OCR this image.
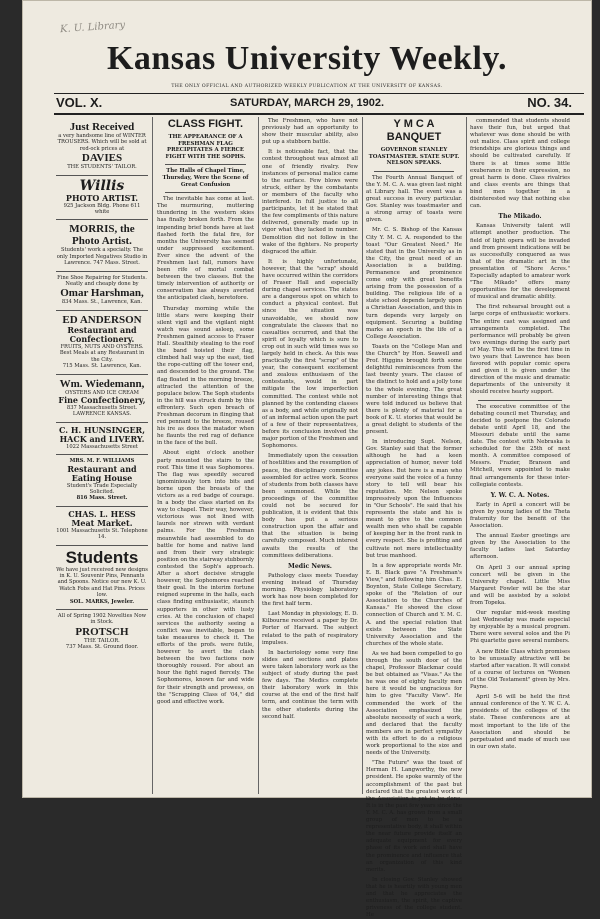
K. U. Library
Kansas University Weekly.
THE ONLY OFFICIAL AND AUTHORIZED WEEKLY PUBLICATION AT THE UNIVERSITY OF KANSAS.
VOL. X.	SATURDAY, MARCH 29, 1902.	NO. 34.
Just Received
a very handsome line of WINTER TROUSERS. Which will be sold at red-ock prices at
DAVIES
THE STUDENTS' TAILOR.
Willis
PHOTO ARTIST.
925 Jackson Bldg. Phone 611 white
MORRIS, the
Photo Artist.
Students' work a specialty. The only Imported Negatives Studio in Lawrence. 747 Mass. Street.
Fine Shoe Repairing for Students. Neatly and cheaply done by
Omar Harshman,
834 Mass. St., Lawrence, Kan.
ED ANDERSON
Restaurant and Confectionery.
FRUITS, NUTS AND OYSTERS. Best Meals at any Restaurant in the City.
715 Mass. St. Lawrence, Kan.
Wm. Wiedemann,
OYSTERS AND ICE CREAM
Fine Confectionery,
837 Massachusetts Street.
LAWRENCE KANSAS.
C. H. HUNSINGER,
HACK and LIVERY.
1022 Massachusetts Street
MRS. M. F. WILLIAMS
Restaurant and Eating House
Student's Trade Especially Solicited.
816 Mass. Street.
CHAS. L. HESS
Meat Market.
1001 Massachusetts St. Telephone 14.
Students
We have just received new designs in K. U. Souvenir Pins, Pennants and Spoons. Notice our new K. U. Watch Fobs and Hat Pins. Prices low.
SOL. MARKS, Jeweler.
All of Spring 1902 Novelties Now in Stock.
PROTSCH
THE TAILOR.
737 Mass. St. Ground floor.
CLASS FIGHT.
THE APPEARANCE OF A FRESHMAN FLAG PRECIPITATES A FIERCE FIGHT WITH THE SOPHS.
The Halls of Chapel Time, Thursday, Were the Scene of Great Confusion

The inevitable has come at last. The murmuring, muttering thundering in the western skies has finally broken forth. From the impending brief bonds have at last flashed forth the fatal fire, for months the University has seemed under suppressed excitement. Ever since the advent of the Freshmen last fall, rumors have been rife of mortal combat between the two classes. But the timely intervention of authority or conservatism has always averted the anticipated clash, heretofore.

Thursday morning while the little stars were keeping their silent vigil and the vigilant night watch was sound asleep, some Freshmen gained access to Fraser Hall. Stealthily stealing to the roof the band hoisted their flag, climbed hall way up the east, tied the rope-cutting off the tower end, and descended to the ground. The flag floated in the morning breeze, attracted the attention of the populace below. The Soph students in the hill was struck dumb by this effrontery. Such open breach of Freshman decorum in flinging that red pennant to the breeze, roused his ire as does the matador when he flaunts the red rag of defiance in the face of the bull.

About eight o'clock another party mounted the stairs to the roof. This time it was Sophomores. The flag was speedily secured ignominiously torn into bits and borne upon the breasts of the victors as a red badge of courage. In a body the class started on its way to chapel. Their way, however, victorious was not lined with laurels nor strewn with verdant palms. For the Freshman meanwhile had assembled to do battle for home and native land and from their very strategic position on the stairway stubbornly contested the Soph's approach. After a short decisive struggle however, the Sophomores reached their goal. In the interim fortune reigned supreme in the halls, each class finding enthusiastic, staunch supporters in other with lusty cries. At the conclusion of chapel services the authority seeing a conflict was inevitable, began to take measures to check it. The efforts of the profs. were futile, however to avert the clash between the two factions now thoroughly roused. For about an hour the fight raged fiercely. The Sophomores, known far and wide for their strength and prowess, on the "Scrapping Class of '04," did good and effective work.

The Freshmen, who have not previously had an opportunity to show their muscular ability, also put up a stubborn battle.

It is noticeable fact, that the contest throughout was almost all one of friendly rivalry. Few instances of personal malice came to the surface. Few blows were struck, either by the combatants or members of the faculty who interfered. In full justice to all participants, let it be stated that the few compliments of this nature delivered, generally made up in vigor what they lacked in number. Demolition did not follow in the wake of the fighters. No property disgraced the affair.

It is highly unfortunate, however, that the "scrap" should have occurred within the corridors of Fraser Hall and especially during chapel services. The states are a dangerous spot on which to conduct a physical contest. But since the situation was unavoidable, we should now congratulate the classes that no casualties occurred, and that the spirit of loyalty which is sure to crop out in such wild times was so largely held in check. As this was practically the first "scrap" of the year, the consequent excitement and zealous enthusiasm of the contestants, would in part mitigate the low imperfection committed. The contest while not planned by the contending classes as a body, and while originally not of an informal action upon the part of a few of their representatives, before its conclusion involved the major portion of the Freshmen and Sophomores.

Immediately upon the cessation of hostilities and the resumption of peace, the disciplinary committee assembled for active work. Scores of students from both classes have been summoned. While the proceedings of the committee could not be secured for publication, it is evident that this body has put a serious construction upon the affair and that the situation is being carefully composed. Much interest awaits the results of the committees deliberations.

Medic News.

Pathology class meets Tuesday evening instead of Thursday morning. Physiology laboratory work has now been completed for the first half term.

Last Monday in physiology, E. D. Kilbourne received a paper by Dr. Porter of Harvard. The subject related to the path of respiratory impulses.

In bacteriology some very fine slides and sections and plates were taken laboratory work as the subject of study during the past few days. The Medics complete their laboratory work in this course at the end of the first half term, and continue the term with the other students during the second half.

Y M C A BANQUET
GOVERNOR STANLEY TOASTMASTER. STATE SUPT. NELSON SPEAKS.

The Fourth Annual Banquet of the Y. M. C. A. was given last night at Library hall. The event was a great success in every particular. Gov. Stanley was toastmaster and a strong array of toasts were given.

Mr. C. S. Bishop of the Kansas City Y. M. C. A. responded to the toast "Our Greatest Need." He stated that in the University as in the City, the great need of an Association is a building. Permanence and prominence come only with great benefits arising from the possession of a building. The religious life of a state school depends largely upon a Christian Association, and this in turn depends very largely on equipment. Securing a building marks an epoch in the life of a College Association.

Toasts on the "College Man and the Church" by Hon. Seawell and Prof. Higgins brought forth some delightful reminiscences from the last twenty years. The clause of the distinct to hold and a jolly tone to the whole evening. The great number of interesting things that were told induced us believe that there is plenty of material for a book of K. U. stories that would be a great delight to students of the present.

In introducing Supt. Nelson, Gov. Stanley said that the former although he had a keen appreciation of humor, never told any jokes. But here is a man who everyone said the voice of a funny story to tell will bear his reputation. Mr. Nelson spoke impressively upon the Influences in "Our Schools". He said that his represents the state and his is meant to give to the common wealth men who shall be capable of keeping her in the front rank in every respect. She is profiting and cultivate not mere intellectuality but true manhood.

In a few appropriate words Mr. E. B. Black gave "A Freshman's View," and following him Chas. E. Boynton, State College Secretary, spoke of the "Relation of our Association to the Churches of Kansas." He showed the close connection of Church and Y. M. C. A. and the special relation that exists between the State University Association and the churches of the whole state.

As we had been compelled to go through the south door of the chapel, Professor Blackmar could be but obtained as "Visas." As the he was one of eighty faculty men here it would be ungracious for him to give "Faculty View". He commended the work of the Association emphasized the absolute necessity of such a work, and declared that the faculty members are in perfect sympathy with its effort to do a religious work proportional to the size and needs of the University.

"The Future" was the toast of Herman H. Langworthy, the new president. He spoke warmly of the accomplishment of the past but declared that the greatest work of the Association is yet to be done. It is in the past few years since the Y. M. C. A. has grown from a small group of men to be a representative body, it shall within the near future provide itself an adequate equipment for every phase of its work and shall have the prominence and influence that an organization of this kind merits.

In closing Gov. Stanley showed that he is heartily with young men and that he appreciates the enthusiasm, the spirit, the captive priveness of the college student. He

commended that students should have their fun, but urged that whatever was done should be with out malice. Class spirit and college friendships are glorious things and should be cultivated carefully. If there is at times some little exuberance in their expression, no great harm is done. Class rivalries and class events are things that bind men together in a disinterested way that nothing else can.

The Mikado.

Kansas University talent will attempt another production. The field of light opera will be invaded and from present indications will be as successfully conquered as was that of the dramatic art in the presentation of "Shore Acres." Especially adapted to amateur work "The Mikado" offers many opportunities for the development of musical and dramatic ability.

The first rehearsal brought out a large corps of enthusiastic workers. The entire cast was assigned and arrangements completed. The performance will probably be given two evenings during the early part of May. This will be the first time in two years that Lawrence has been favored with popular comic opera and given it is given under the direction of the music and dramatic departments of the university it should receive hearty support.

The executive committee of the debating council met Thursday, and decided to postpone the Colorado debate until April 18, and the Missouri debate until the same date. The contest with Nebraska is scheduled for the 25th of next month. A committee composed of Messrs. Frazier, Branson and Mitchell, were appointed to make final arrangements for these inter-collegiate contests.

Y. W. C. A. Notes.

Early in April a concert will be given by young ladies of the Theta fraternity for the benefit of the Association.

The annual Easter greetings are given by the Association to the faculty ladies last Saturday afternoon.

On April 3 our annual spring concert will be given in the University chapel. Little Miss Margaret Fowler will be the star and will be assisted by a soloist from Topeka.

Our regular mid-week meeting last Wednesday was made especial by enjoyable by a musical program. There were several solos and the Pi Phi quartette gave several numbers.

A new Bible Class which promises to be unusually attractive will be started after vacation. It will consist of a course of lectures on "Women of the Old Testament" given by Mrs. Payne.

April 5-6 will be held the first annual conference of the Y. W. C. A. presidents of the colleges of the state. These conferences are at most important to the life of the Association and should be perpetuated and made of much use in our own state.
